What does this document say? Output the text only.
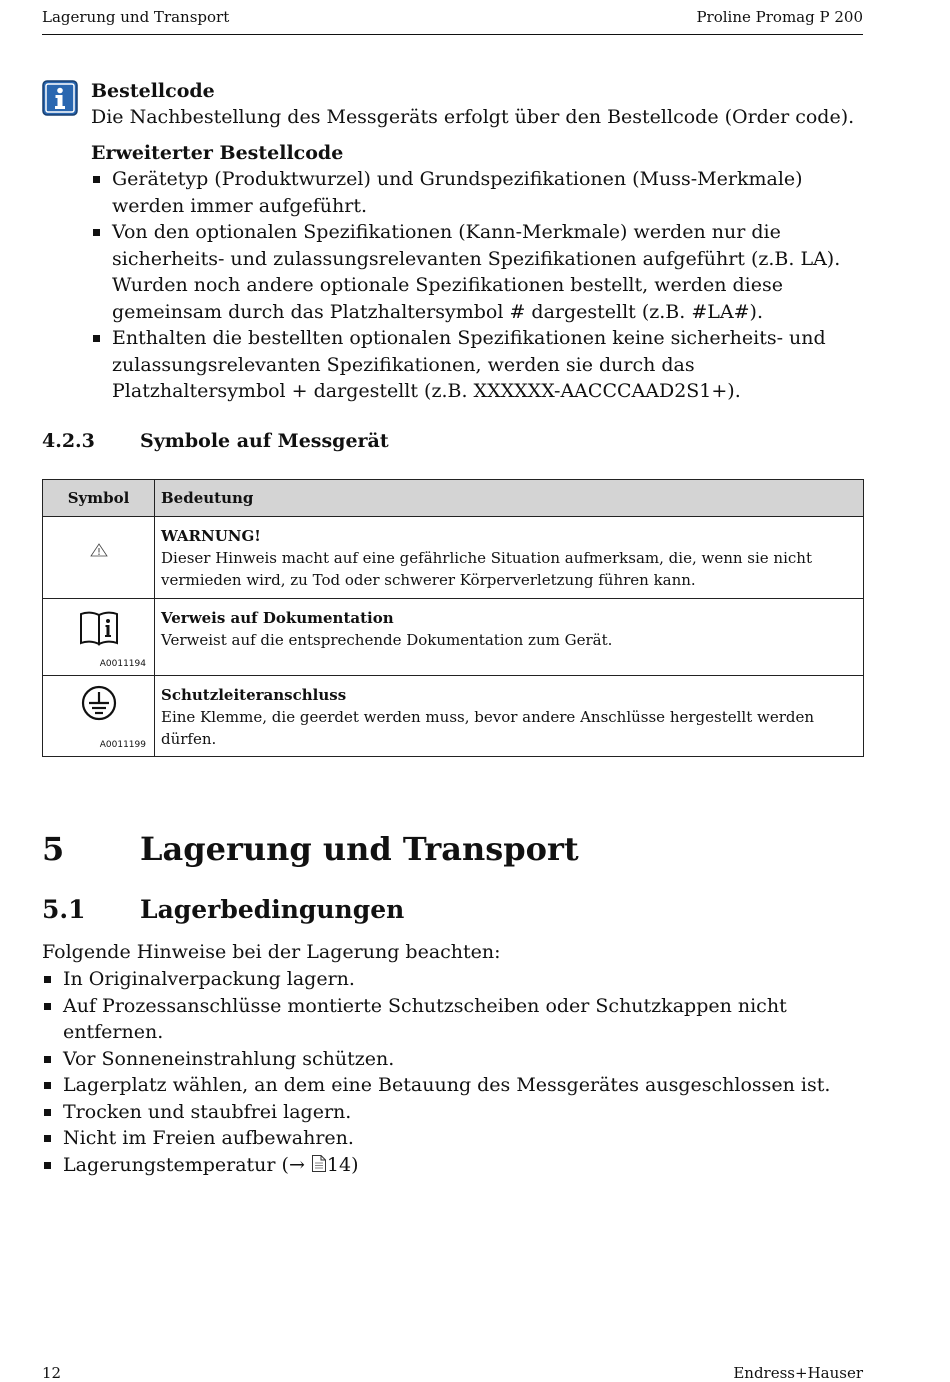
Lagerung und Transport	Proline Promag P 200
Bestellcode
Die Nachbestellung des Messgeräts erfolgt über den Bestellcode (Order code).
Erweiterter Bestellcode
Gerätetyp (Produktwurzel) und Grundspezifikationen (Muss-Merkmale) werden immer aufgeführt.
Von den optionalen Spezifikationen (Kann-Merkmale) werden nur die sicherheits- und zulassungsrelevanten Spezifikationen aufgeführt (z.B. LA). Wurden noch andere optionale Spezifikationen bestellt, werden diese gemeinsam durch das Platzhaltersymbol # dargestellt (z.B. #LA#).
Enthalten die bestellten optionalen Spezifikationen keine sicherheits- und zulassungsrelevanten Spezifikationen, werden sie durch das Platzhaltersymbol + dargestellt (z.B. XXXXXX-AACCCAAD2S1+).
4.2.3 Symbole auf Messgerät
Symbol	Bedeutung

WARNUNG!
Dieser Hinweis macht auf eine gefährliche Situation aufmerksam, die, wenn sie nicht vermieden wird, zu Tod oder schwerer Körperverletzung führen kann.

A0011194	Verweis auf Dokumentation
Verweist auf die entsprechende Dokumentation zum Gerät.

A0011199	Schutzleiteranschluss
Eine Klemme, die geerdet werden muss, bevor andere Anschlüsse hergestellt werden dürfen.
5 Lagerung und Transport
5.1 Lagerbedingungen
Folgende Hinweise bei der Lagerung beachten:
In Originalverpackung lagern.
Auf Prozessanschlüsse montierte Schutzscheiben oder Schutzkappen nicht entfernen.
Vor Sonneneinstrahlung schützen.
Lagerplatz wählen, an dem eine Betauung des Messgerätes ausgeschlossen ist.
Trocken und staubfrei lagern.
Nicht im Freien aufbewahren.
Lagerungstemperatur (→ 14)
12	Endress+Hauser
